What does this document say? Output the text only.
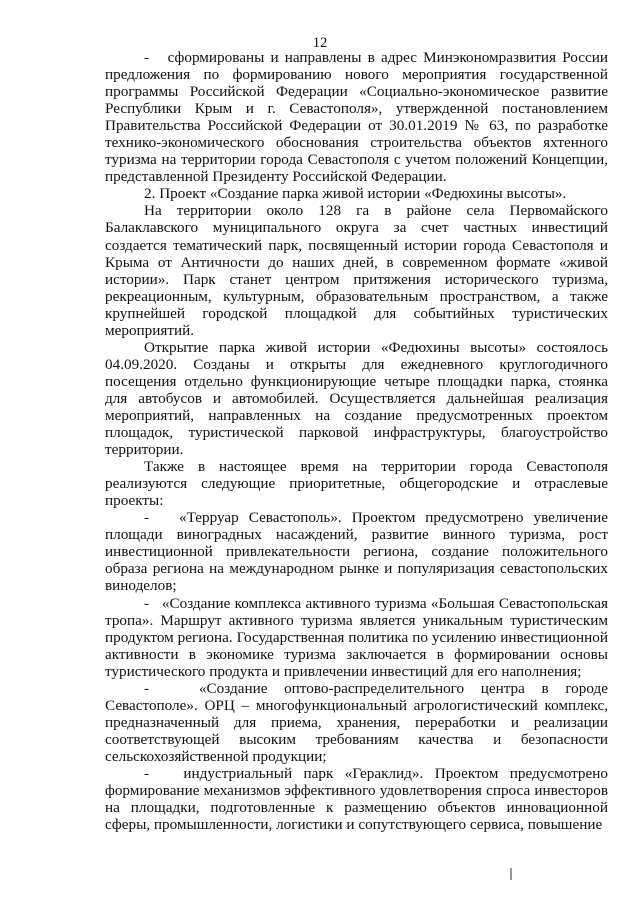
12

-   сформированы и направлены в адрес Минэкономразвития России предложения по формированию нового мероприятия государственной программы Российской Федерации «Социально-экономическое развитие Республики Крым и г. Севастополя», утвержденной постановлением Правительства Российской Федерации от 30.01.2019 № 63, по разработке технико-экономического обоснования строительства объектов яхтенного туризма на территории города Севастополя с учетом положений Концепции, представленной Президенту Российской Федерации.

2. Проект «Создание парка живой истории «Федюхины высоты».

На территории около 128 га в районе села Первомайского Балаклавского муниципального округа за счет частных инвестиций создается тематический парк, посвященный истории города Севастополя и Крыма от Античности до наших дней, в современном формате «живой истории». Парк станет центром притяжения исторического туризма, рекреационным, культурным, образовательным пространством, а также крупнейшей городской площадкой для событийных туристических мероприятий.

Открытие парка живой истории «Федюхины высоты» состоялось 04.09.2020. Созданы и открыты для ежедневного круглогодичного посещения отдельно функционирующие четыре площадки парка, стоянка для автобусов и автомобилей. Осуществляется дальнейшая реализация мероприятий, направленных на создание предусмотренных проектом площадок, туристической парковой инфраструктуры, благоустройство территории.

Также в настоящее время на территории города Севастополя реализуются следующие приоритетные, общегородские и отраслевые проекты:

-   «Терруар Севастополь». Проектом предусмотрено увеличение площади виноградных насаждений, развитие винного туризма, рост инвестиционной привлекательности региона, создание положительного образа региона на международном рынке и популяризация севастопольских виноделов;

-   «Создание комплекса активного туризма «Большая Севастопольская тропа». Маршрут активного туризма является уникальным туристическим продуктом региона. Государственная политика по усилению инвестиционной активности в экономике туризма заключается в формировании основы туристического продукта и привлечении инвестиций для его наполнения;

-   «Создание оптово-распределительного центра в городе Севастополе». ОРЦ – многофункциональный агрологистический комплекс, предназначенный для приема, хранения, переработки и реализации соответствующей высоким требованиям качества и безопасности сельскохозяйственной продукции;

-   индустриальный парк «Гераклид». Проектом предусмотрено формирование механизмов эффективного удовлетворения спроса инвесторов на площадки, подготовленные к размещению объектов инновационной сферы, промышленности, логистики и сопутствующего сервиса, повышение
